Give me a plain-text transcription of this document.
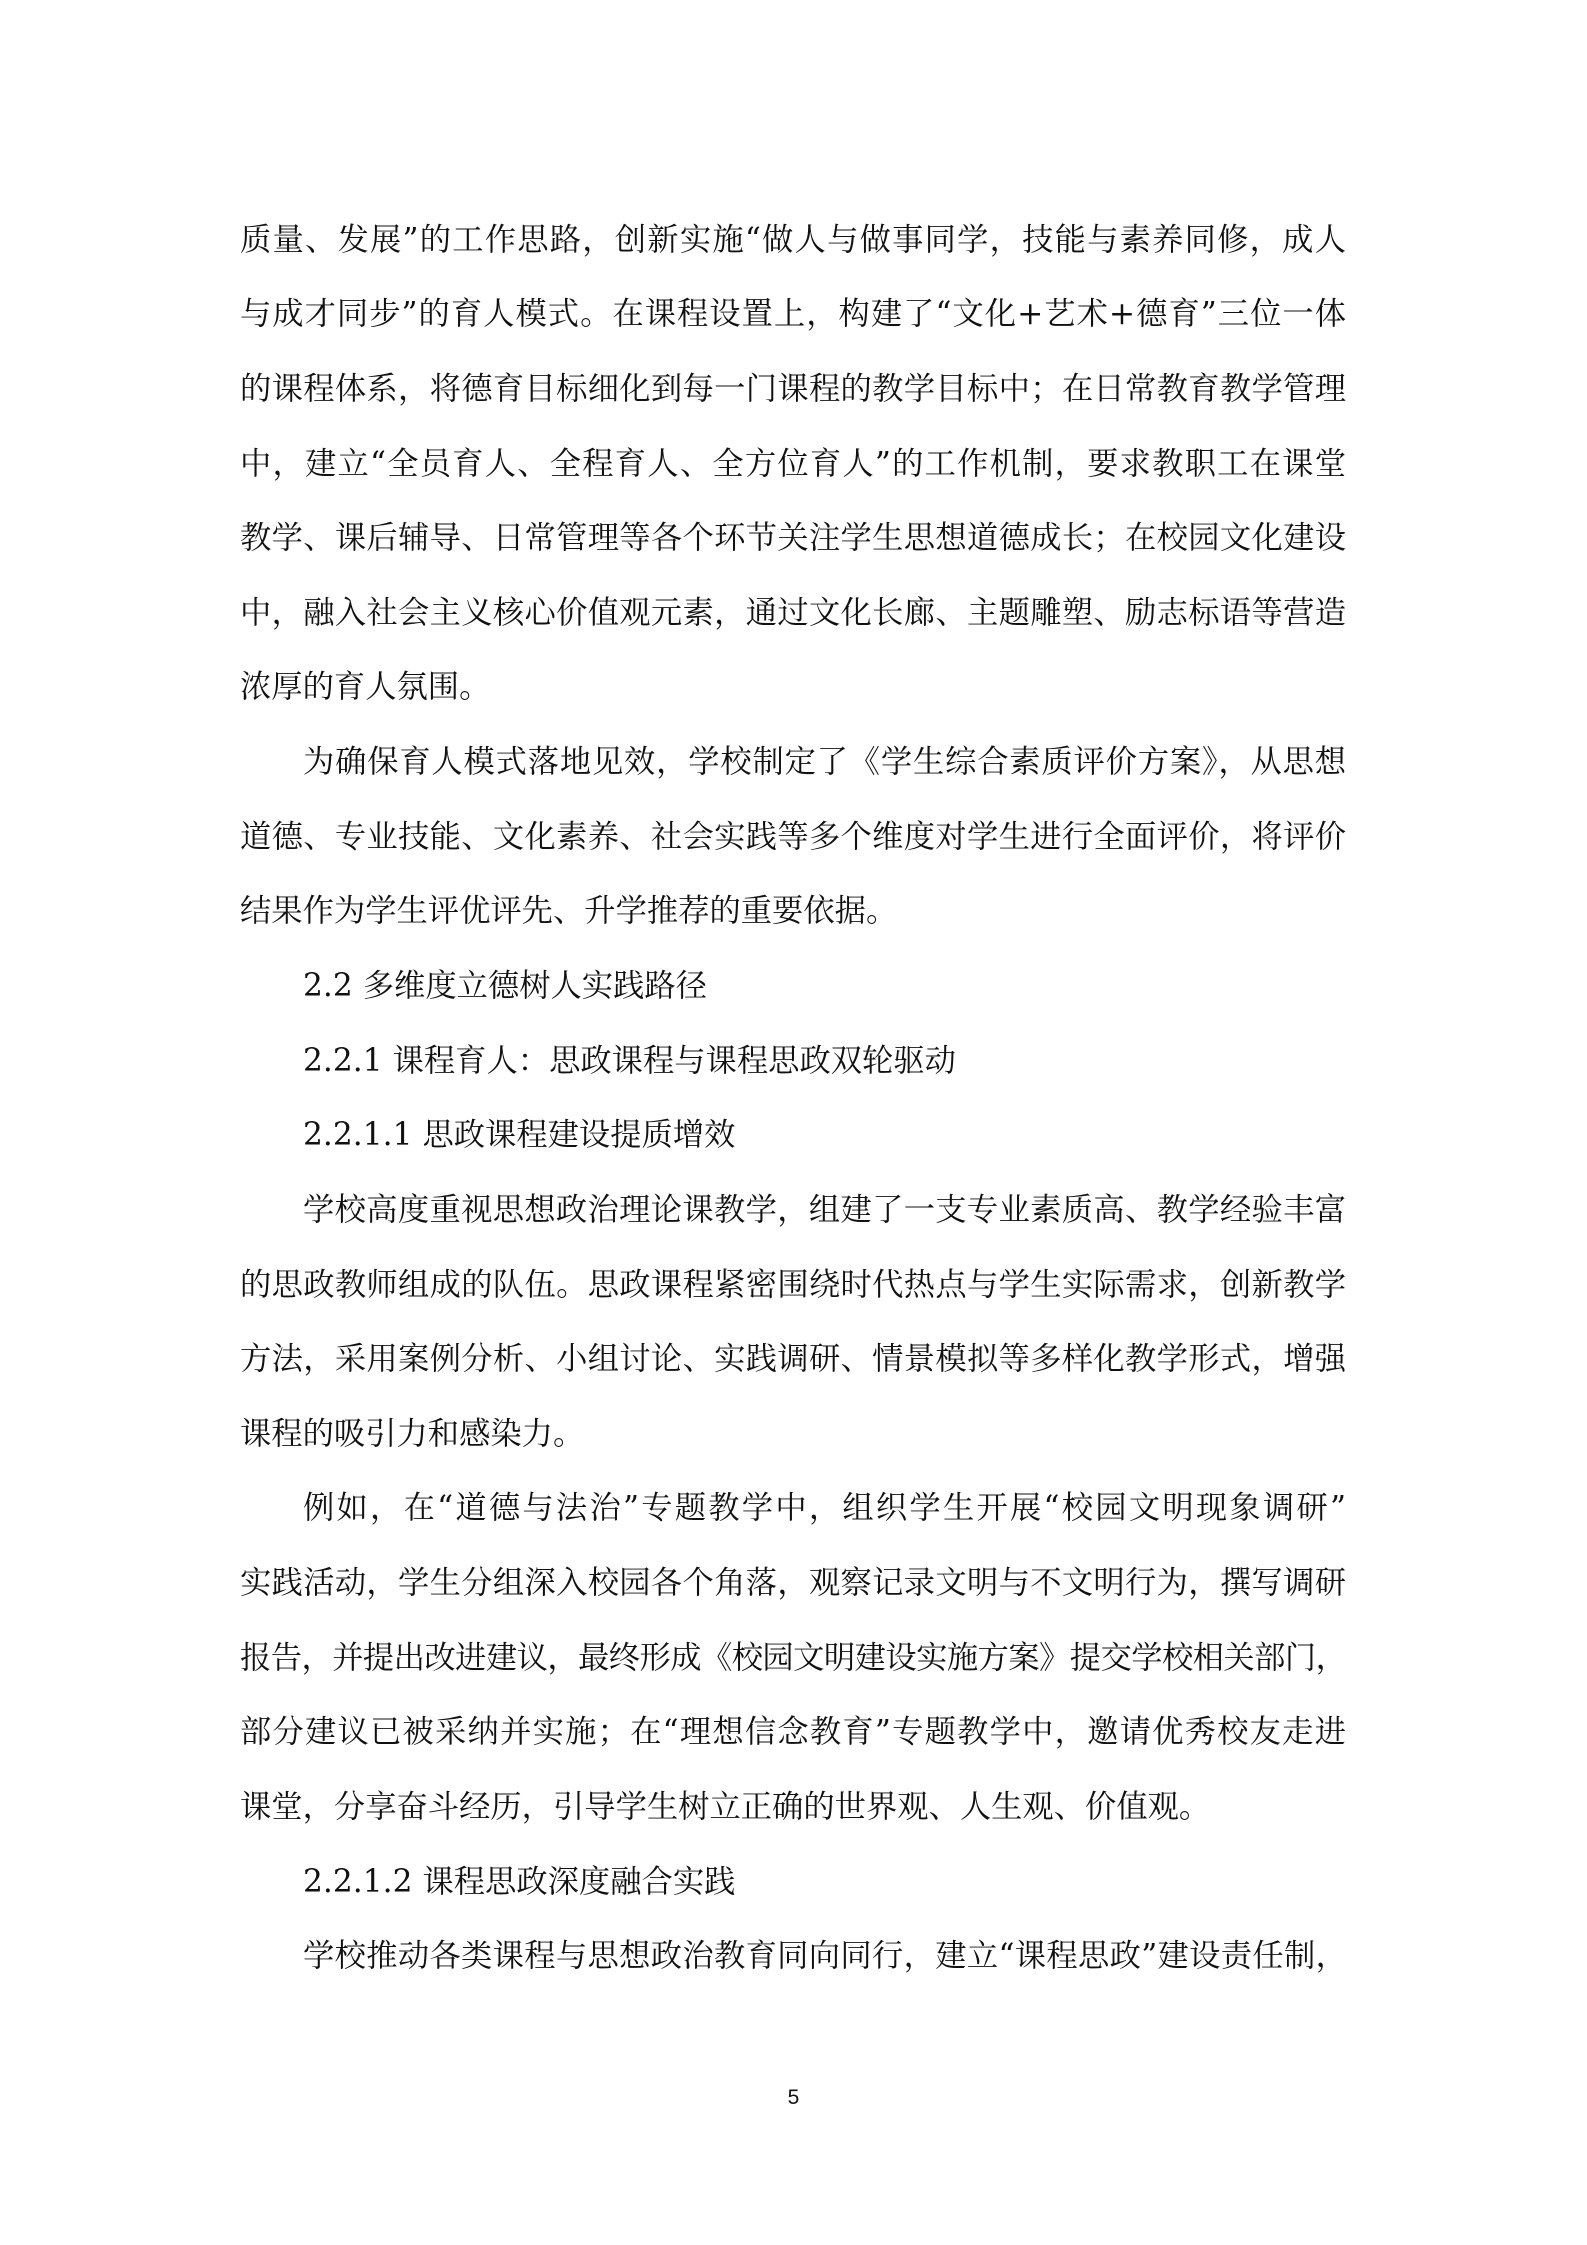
质量、发展”的工作思路，创新实施“做人与做事同学，技能与素养同修，成人
与成才同步”的育人模式。在课程设置上，构建了“文化+艺术+德育”三位一体
的课程体系，将德育目标细化到每一门课程的教学目标中；在日常教育教学管理
中，建立“全员育人、全程育人、全方位育人”的工作机制，要求教职工在课堂
教学、课后辅导、日常管理等各个环节关注学生思想道德成长；在校园文化建设
中，融入社会主义核心价值观元素，通过文化长廊、主题雕塑、励志标语等营造
浓厚的育人氛围。
为确保育人模式落地见效，学校制定了《学生综合素质评价方案》，从思想
道德、专业技能、文化素养、社会实践等多个维度对学生进行全面评价，将评价
结果作为学生评优评先、升学推荐的重要依据。
2.2 多维度立德树人实践路径
2.2.1 课程育人：思政课程与课程思政双轮驱动
2.2.1.1 思政课程建设提质增效
学校高度重视思想政治理论课教学，组建了一支专业素质高、教学经验丰富
的思政教师组成的队伍。思政课程紧密围绕时代热点与学生实际需求，创新教学
方法，采用案例分析、小组讨论、实践调研、情景模拟等多样化教学形式，增强
课程的吸引力和感染力。
例如，在“道德与法治”专题教学中，组织学生开展“校园文明现象调研”
实践活动，学生分组深入校园各个角落，观察记录文明与不文明行为，撰写调研
报告，并提出改进建议，最终形成《校园文明建设实施方案》提交学校相关部门，
部分建议已被采纳并实施；在“理想信念教育”专题教学中，邀请优秀校友走进
课堂，分享奋斗经历，引导学生树立正确的世界观、人生观、价值观。
2.2.1.2 课程思政深度融合实践
学校推动各类课程与思想政治教育同向同行，建立“课程思政”建设责任制，
5
